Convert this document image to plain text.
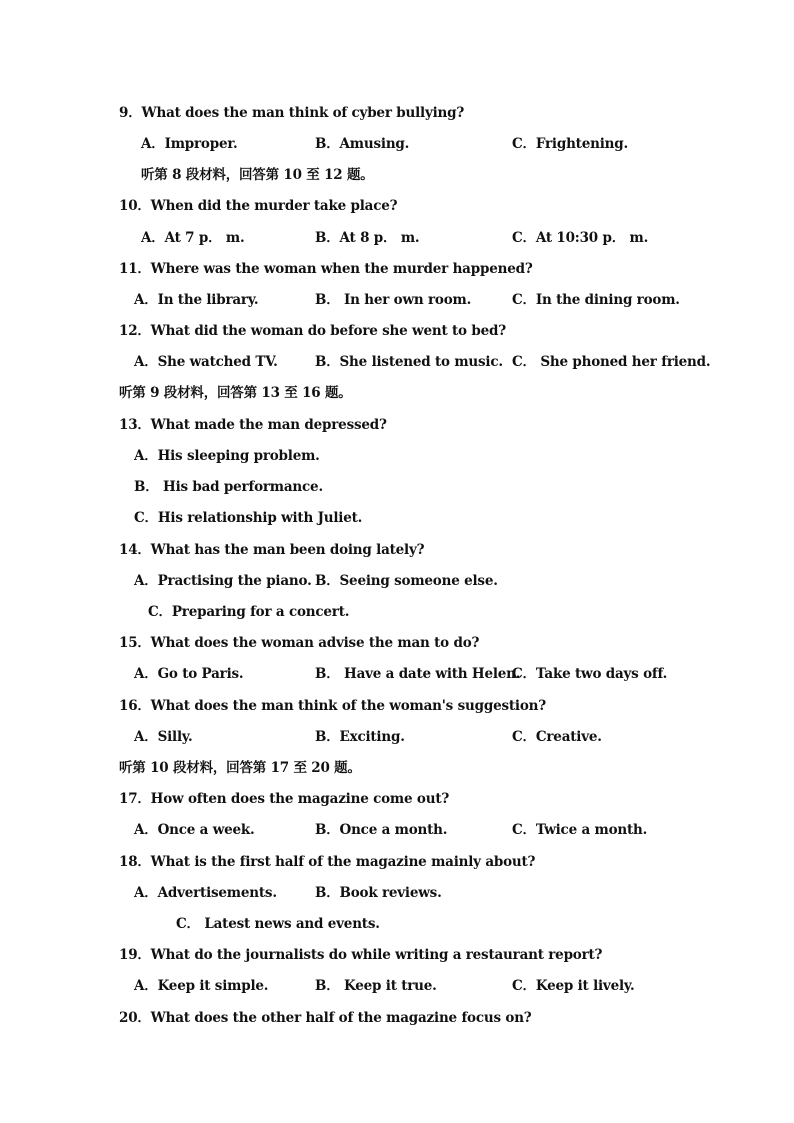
9．What does the man think of cyber bullying?
A．Improper.	B．Amusing.	C．Frightening.
听第 8 段材料，回答第 10 至 12 题。
10．When did the murder take place?
A．At 7 p． m.	B．At 8 p． m.	C．At 10:30 p． m.
11．Where was the woman when the murder happened?
A．In the library.	B． In her own room.	C．In the dining room.
12．What did the woman do before she went to bed?
A．She watched TV.	B．She listened to music. C． She phoned her friend.
听第 9 段材料，回答第 13 至 16 题。
13．What made the man depressed?
A．His sleeping problem.
B． His bad performance.
C．His relationship with Juliet.
14．What has the man been doing lately?
A．Practising the piano. B．Seeing someone else.
C．Preparing for a concert.
15．What does the woman advise the man to do?
A．Go to Paris.	B． Have a date with Helen.
C．Take two days off.
16．What does the man think of the woman's suggestion?
A．Silly.	B．Exciting.	C．Creative.
听第 10 段材料，回答第 17 至 20 题。
17．How often does the magazine come out?
A．Once a week.	B．Once a month.	C．Twice a month.
18．What is the first half of the magazine mainly about?
A．Advertisements.	B．Book reviews.
C． Latest news and events.
19．What do the journalists do while writing a restaurant report?
A．Keep it simple.	B． Keep it true.	C．Keep it lively.
20．What does the other half of the magazine focus on?
